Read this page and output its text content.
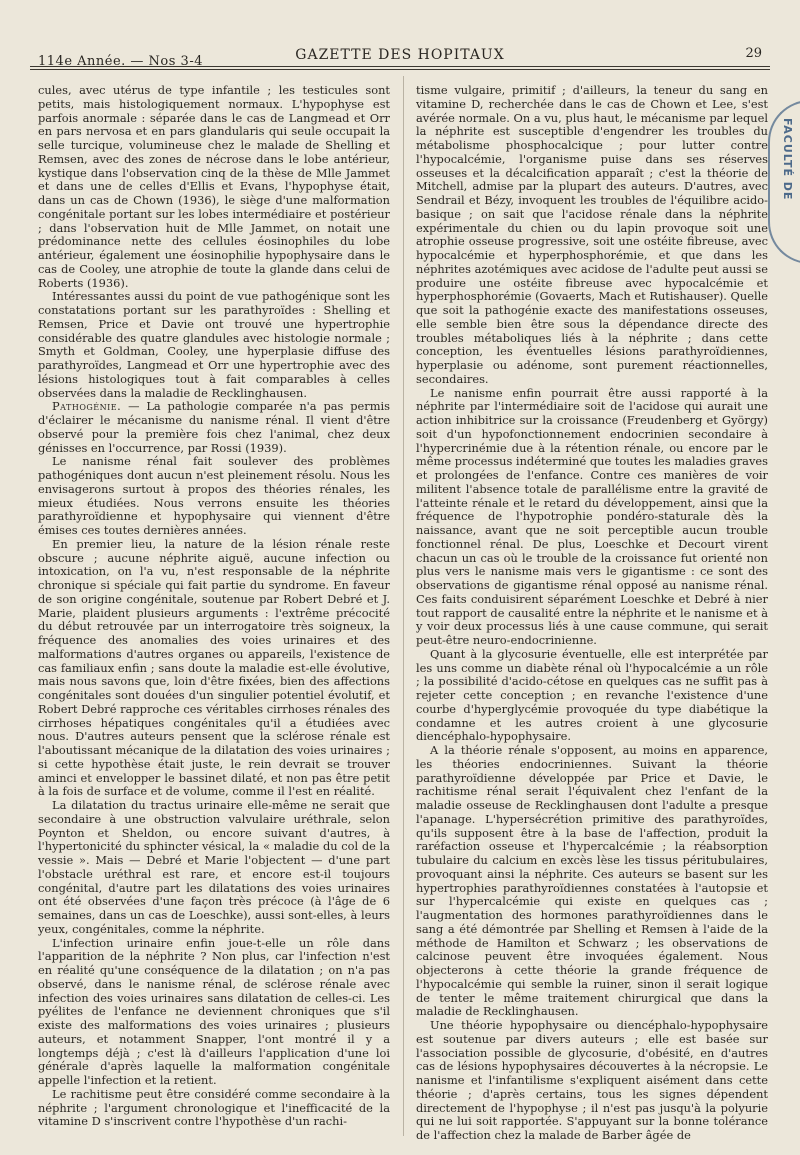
114e Année. — Nos 3-4	GAZETTE DES HOPITAUX	29

cules, avec utérus de type infantile ; les testicules sont petits, mais histologiquement normaux. L'hypophyse est parfois anormale : séparée dans le cas de Langmead et Orr en pars nervosa et en pars glandularis qui seule occupait la selle turcique, volumineuse chez le malade de Shelling et Remsen, avec des zones de nécrose dans le lobe antérieur, kystique dans l'observation cinq de la thèse de Mlle Jammet et dans une de celles d'Ellis et Evans, l'hypophyse était, dans un cas de Chown (1936), le siège d'une malformation congénitale portant sur les lobes intermédiaire et postérieur ; dans l'observation huit de Mlle Jammet, on notait une prédominance nette des cellules éosinophiles du lobe antérieur, également une éosinophilie hypophysaire dans le cas de Cooley, une atrophie de toute la glande dans celui de Roberts (1936).

Intéressantes aussi du point de vue pathogénique sont les constatations portant sur les parathyroïdes : Shelling et Remsen, Price et Davie ont trouvé une hypertrophie considérable des quatre glandules avec histologie normale ; Smyth et Goldman, Cooley, une hyperplasie diffuse des parathyroïdes, Langmead et Orr une hypertrophie avec des lésions histologiques tout à fait comparables à celles observées dans la maladie de Recklinghausen.

Pathogénie. — La pathologie comparée n'a pas permis d'éclairer le mécanisme du nanisme rénal. Il vient d'être observé pour la première fois chez l'animal, chez deux génisses en l'occurrence, par Rossi (1939).

Le nanisme rénal fait soulever des problèmes pathogéniques dont aucun n'est pleinement résolu. Nous les envisagerons surtout à propos des théories rénales, les mieux étudiées. Nous verrons ensuite les théories parathyroïdienne et hypophysaire qui viennent d'être émises ces toutes dernières années.

En premier lieu, la nature de la lésion rénale reste obscure ; aucune néphrite aiguë, aucune infection ou intoxication, on l'a vu, n'est responsable de la néphrite chronique si spéciale qui fait partie du syndrome. En faveur de son origine congénitale, soutenue par Robert Debré et J. Marie, plaident plusieurs arguments : l'extrême précocité du début retrouvée par un interrogatoire très soigneux, la fréquence des anomalies des voies urinaires et des malformations d'autres organes ou appareils, l'existence de cas familiaux enfin ; sans doute la maladie est-elle évolutive, mais nous savons que, loin d'être fixées, bien des affections congénitales sont douées d'un singulier potentiel évolutif, et Robert Debré rapproche ces véritables cirrhoses rénales des cirrhoses hépatiques congénitales qu'il a étudiées avec nous. D'autres auteurs pensent que la sclérose rénale est l'aboutissant mécanique de la dilatation des voies urinaires ; si cette hypothèse était juste, le rein devrait se trouver aminci et envelopper le bassinet dilaté, et non pas être petit à la fois de surface et de volume, comme il l'est en réalité.

La dilatation du tractus urinaire elle-même ne serait que secondaire à une obstruction valvulaire uréthrale, selon Poynton et Sheldon, ou encore suivant d'autres, à l'hypertonicité du sphincter vésical, la « maladie du col de la vessie ». Mais — Debré et Marie l'objectent — d'une part l'obstacle uréthral est rare, et encore est-il toujours congénital, d'autre part les dilatations des voies urinaires ont été observées d'une façon très précoce (à l'âge de 6 semaines, dans un cas de Loeschke), aussi sont-elles, à leurs yeux, congénitales, comme la néphrite.

L'infection urinaire enfin joue-t-elle un rôle dans l'apparition de la néphrite ? Non plus, car l'infection n'est en réalité qu'une conséquence de la dilatation ; on n'a pas observé, dans le nanisme rénal, de sclérose rénale avec infection des voies urinaires sans dilatation de celles-ci. Les pyélites de l'enfance ne deviennent chroniques que s'il existe des malformations des voies urinaires ; plusieurs auteurs, et notamment Snapper, l'ont montré il y a longtemps déjà ; c'est là d'ailleurs l'application d'une loi générale d'après laquelle la malformation congénitale appelle l'infection et la retient.

Le rachitisme peut être considéré comme secondaire à la néphrite ; l'argument chronologique et l'inefficacité de la vitamine D s'inscrivent contre l'hypothèse d'un rachi-

tisme vulgaire, primitif ; d'ailleurs, la teneur du sang en vitamine D, recherchée dans le cas de Chown et Lee, s'est avérée normale. On a vu, plus haut, le mécanisme par lequel la néphrite est susceptible d'engendrer les troubles du métabolisme phosphocalcique ; pour lutter contre l'hypocalcémie, l'organisme puise dans ses réserves osseuses et la décalcification apparaît ; c'est la théorie de Mitchell, admise par la plupart des auteurs. D'autres, avec Sendrail et Bézy, invoquent les troubles de l'équilibre acido-basique ; on sait que l'acidose rénale dans la néphrite expérimentale du chien ou du lapin provoque soit une atrophie osseuse progressive, soit une ostéite fibreuse, avec hypocalcémie et hyperphosphorémie, et que dans les néphrites azotémiques avec acidose de l'adulte peut aussi se produire une ostéite fibreuse avec hypocalcémie et hyperphosphorémie (Govaerts, Mach et Rutishauser). Quelle que soit la pathogénie exacte des manifestations osseuses, elle semble bien être sous la dépendance directe des troubles métaboliques liés à la néphrite ; dans cette conception, les éventuelles lésions parathyroïdiennes, hyperplasie ou adénome, sont purement réactionnelles, secondaires.

Le nanisme enfin pourrait être aussi rapporté à la néphrite par l'intermédiaire soit de l'acidose qui aurait une action inhibitrice sur la croissance (Freudenberg et György) soit d'un hypofonctionnement endocrinien secondaire à l'hypercrinémie due à la rétention rénale, ou encore par le même processus indéterminé que toutes les maladies graves et prolongées de l'enfance. Contre ces manières de voir militent l'absence totale de parallélisme entre la gravité de l'atteinte rénale et le retard du développement, ainsi que la fréquence de l'hypotrophie pondéro-staturale dès la naissance, avant que ne soit perceptible aucun trouble fonctionnel rénal. De plus, Loeschke et Decourt virent chacun un cas où le trouble de la croissance fut orienté non plus vers le nanisme mais vers le gigantisme : ce sont des observations de gigantisme rénal opposé au nanisme rénal. Ces faits conduisirent séparément Loeschke et Debré à nier tout rapport de causalité entre la néphrite et le nanisme et à y voir deux processus liés à une cause commune, qui serait peut-être neuro-endocrinienne.

Quant à la glycosurie éventuelle, elle est interprétée par les uns comme un diabète rénal où l'hypocalcémie a un rôle ; la possibilité d'acido-cétose en quelques cas ne suffit pas à rejeter cette conception ; en revanche l'existence d'une courbe d'hyperglycémie provoquée du type diabétique la condamne et les autres croient à une glycosurie diencéphalo-hypophysaire.

A la théorie rénale s'opposent, au moins en apparence, les théories endocriniennes. Suivant la théorie parathyroïdienne développée par Price et Davie, le rachitisme rénal serait l'équivalent chez l'enfant de la maladie osseuse de Recklinghausen dont l'adulte a presque l'apanage. L'hypersécrétion primitive des parathyroïdes, qu'ils supposent être à la base de l'affection, produit la raréfaction osseuse et l'hypercalcémie ; la réabsorption tubulaire du calcium en excès lèse les tissus péritubulaires, provoquant ainsi la néphrite. Ces auteurs se basent sur les hypertrophies parathyroïdiennes constatées à l'autopsie et sur l'hypercalcémie qui existe en quelques cas ; l'augmentation des hormones parathyroïdiennes dans le sang a été démontrée par Shelling et Remsen à l'aide de la méthode de Hamilton et Schwarz ; les observations de calcinose peuvent être invoquées également. Nous objecterons à cette théorie la grande fréquence de l'hypocalcémie qui semble la ruiner, sinon il serait logique de tenter le même traitement chirurgical que dans la maladie de Recklinghausen.

Une théorie hypophysaire ou diencéphalo-hypophysaire est soutenue par divers auteurs ; elle est basée sur l'association possible de glycosurie, d'obésité, en d'autres cas de lésions hypophysaires découvertes à la nécropsie. Le nanisme et l'infantilisme s'expliquent aisément dans cette théorie ; d'après certains, tous les signes dépendent directement de l'hypophyse ; il n'est pas jusqu'à la polyurie qui ne lui soit rapportée. S'appuyant sur la bonne tolérance de l'affection chez la malade de Barber âgée de

FACULTÉ DE
